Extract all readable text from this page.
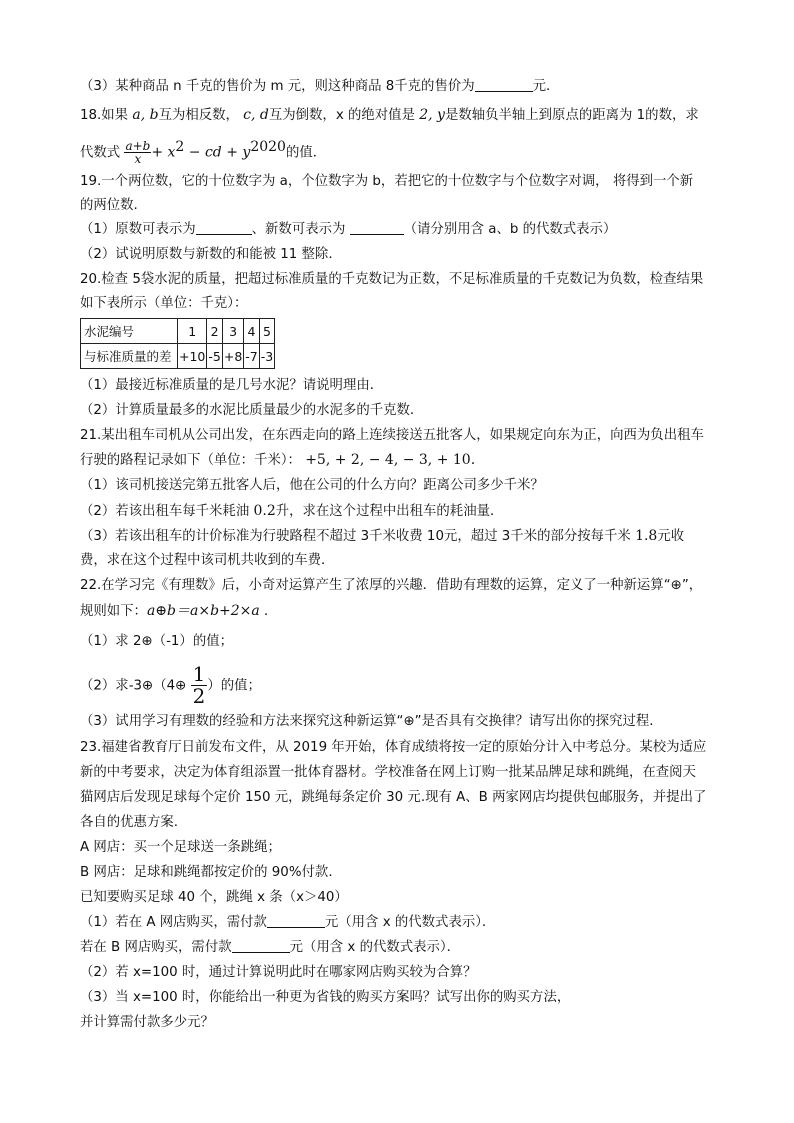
（3）某种商品 n 千克的售价为 m 元，则这种商品 8千克的售价为	元．
18.如果 a, b互为相反数， c, d互为倒数，x 的绝对值是 2, y是数轴负半轴上到原点的距离为 1的数，求
代数式 $\frac{a+b}{x} + x^2$ − cd + $y^{2020}$的值．
19.一个两位数，它的十位数字为 a，个位数字为 b，若把它的十位数字与个位数字对调， 将得到一个新
的两位数.
（1）原数可表示为	、新数可表示为	（请分别用含 a、b 的代数式表示）
（2）试说明原数与新数的和能被 11 整除.
20.检查 5袋水泥的质量，把超过标准质量的千克数记为正数，不足标准质量的千克数记为负数，检查结果
如下表所示（单位：千克）：
水泥编号	1	2	3	4	5
与标准质量的差	+10	-5	+8	-7	-3
（1）最接近标准质量的是几号水泥？请说明理由．
（2）计算质量最多的水泥比质量最少的水泥多的千克数．
21.某出租车司机从公司出发，在东西走向的路上连续接送五批客人，如果规定向东为正，向西为负出租车
行驶的路程记录如下（单位：千米）： +5, + 2, − 4, − 3, + 10.
（1）该司机接送完第五批客人后，他在公司的什么方向？距离公司多少千米？
（2）若该出租车每千米耗油 0.2升，求在这个过程中出租车的耗油量．
（3）若该出租车的计价标准为行驶路程不超过 3千米收费 10元，超过 3千米的部分按每千米 1.8元收
费，求在这个过程中该司机共收到的车费．
22.在学习完《有理数》后，小奇对运算产生了浓厚的兴趣．借助有理数的运算，定义了一种新运算“⊕”，
规则如下：a⊕b＝a×b+2×a ．
（1）求 2⊕（-1）的值；
（2）求-3⊕（4⊕ $\frac{1}{2}$）的值；
（3）试用学习有理数的经验和方法来探究这种新运算“⊕”是否具有交换律？请写出你的探究过程．
23.福建省教育厅日前发布文件，从 2019 年开始，体育成绩将按一定的原始分计入中考总分。某校为适应
新的中考要求，决定为体育组添置一批体育器材。学校准备在网上订购一批某品牌足球和跳绳，在查阅天
猫网店后发现足球每个定价 150 元，跳绳每条定价 30 元.现有 A、B 两家网店均提供包邮服务，并提出了
各自的优惠方案.
A 网店：买一个足球送一条跳绳；
B 网店：足球和跳绳都按定价的 90%付款.
已知要购买足球 40 个，跳绳 x 条（x＞40）
（1）若在 A 网店购买，需付款	元（用含 x 的代数式表示）．
若在 B 网店购买，需付款	元（用含 x 的代数式表示）．
（2）若 x=100 时，通过计算说明此时在哪家网店购买较为合算？
（3）当 x=100 时，你能给出一种更为省钱的购买方案吗？试写出你的购买方法，
并计算需付款多少元？
